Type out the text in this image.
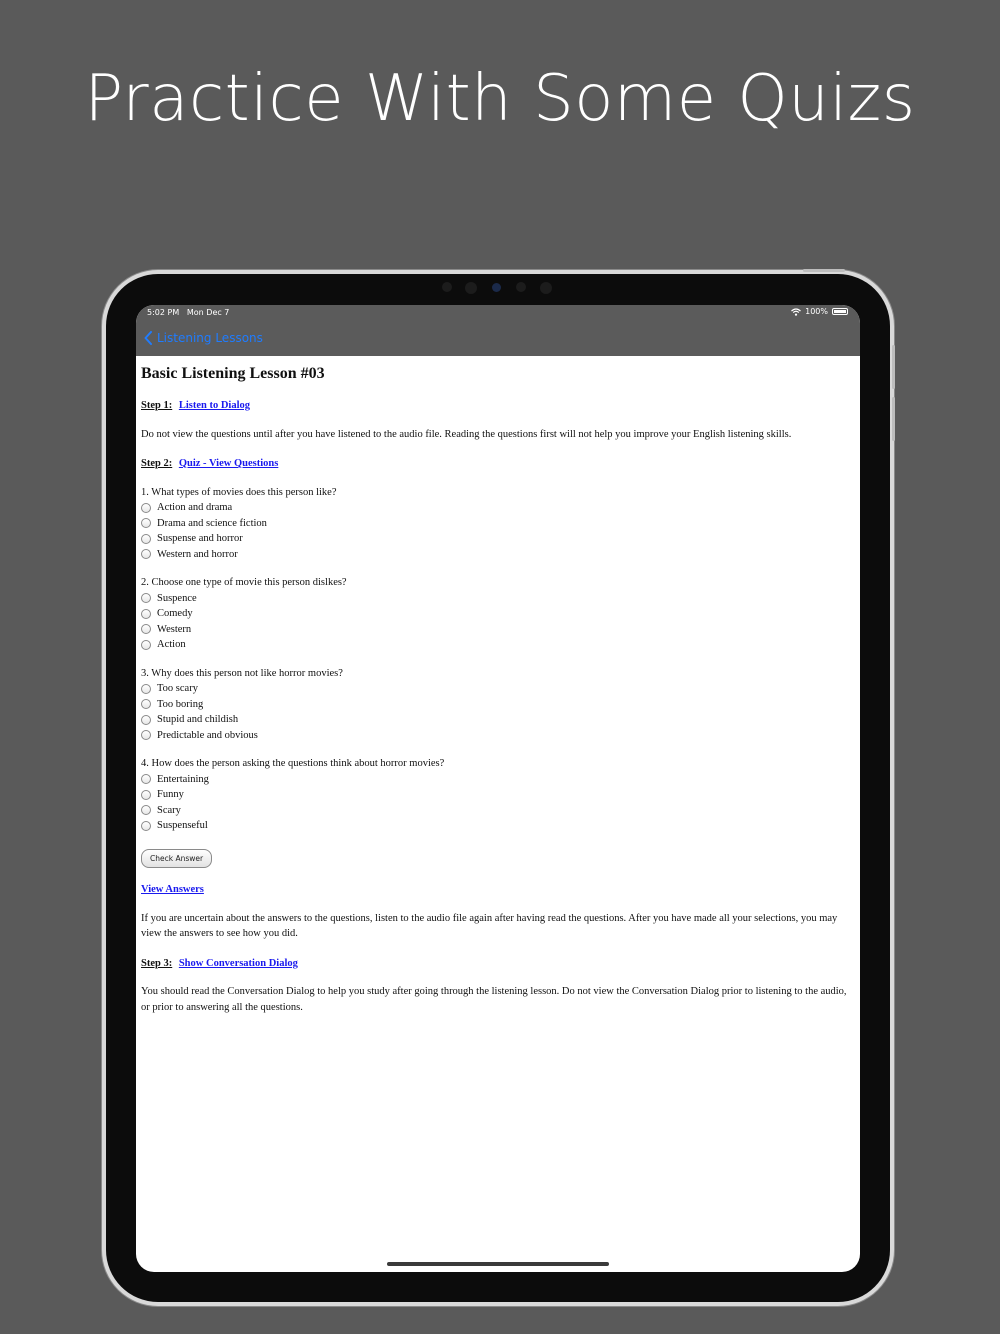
Practice With Some Quizs
5:02 PM Mon Dec 7	100%
Listening Lessons
Basic Listening Lesson #03
Step 1: Listen to Dialog
Do not view the questions until after you have listened to the audio file. Reading the questions first will not help you improve your English listening skills.
Step 2: Quiz - View Questions
1. What types of movies does this person like?
Action and drama
Drama and science fiction
Suspense and horror
Western and horror
2. Choose one type of movie this person dislkes?
Suspence
Comedy
Western
Action
3. Why does this person not like horror movies?
Too scary
Too boring
Stupid and childish
Predictable and obvious
4. How does the person asking the questions think about horror movies?
Entertaining
Funny
Scary
Suspenseful
Check Answer
View Answers
If you are uncertain about the answers to the questions, listen to the audio file again after having read the questions. After you have made all your selections, you may view the answers to see how you did.
Step 3: Show Conversation Dialog
You should read the Conversation Dialog to help you study after going through the listening lesson. Do not view the Conversation Dialog prior to listening to the audio, or prior to answering all the questions.
